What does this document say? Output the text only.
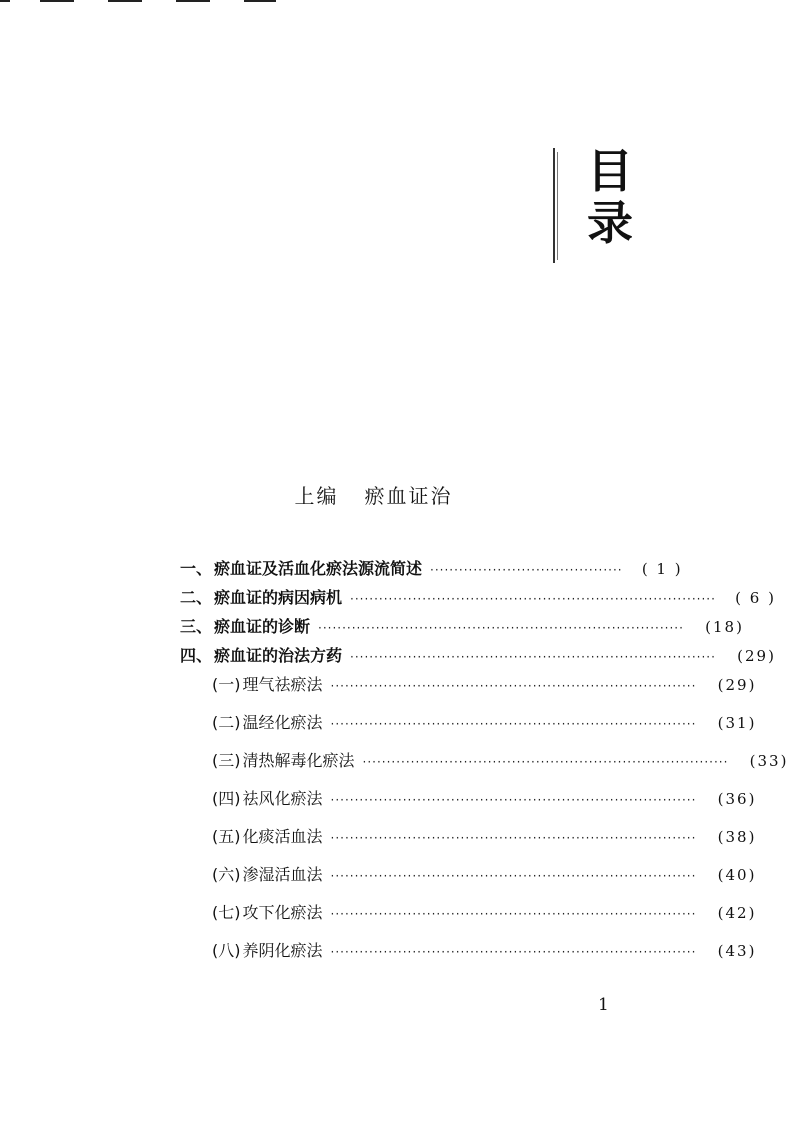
目
录
上编 瘀血证治
一、 瘀血证及活血化瘀法源流简述 ········································	( 1 )
二、 瘀血证的病因病机 ············································································	( 6 )
三、 瘀血证的诊断 ············································································	(18)
四、 瘀血证的治法方药 ············································································	(29)
(一) 理气祛瘀法 ············································································	(29)
(二) 温经化瘀法 ············································································	(31)
(三) 清热解毒化瘀法 ············································································	(33)
(四) 祛风化瘀法 ············································································	(36)
(五) 化痰活血法 ············································································	(38)
(六) 渗湿活血法 ············································································	(40)
(七) 攻下化瘀法 ············································································	(42)
(八) 养阴化瘀法 ············································································	(43)
1
